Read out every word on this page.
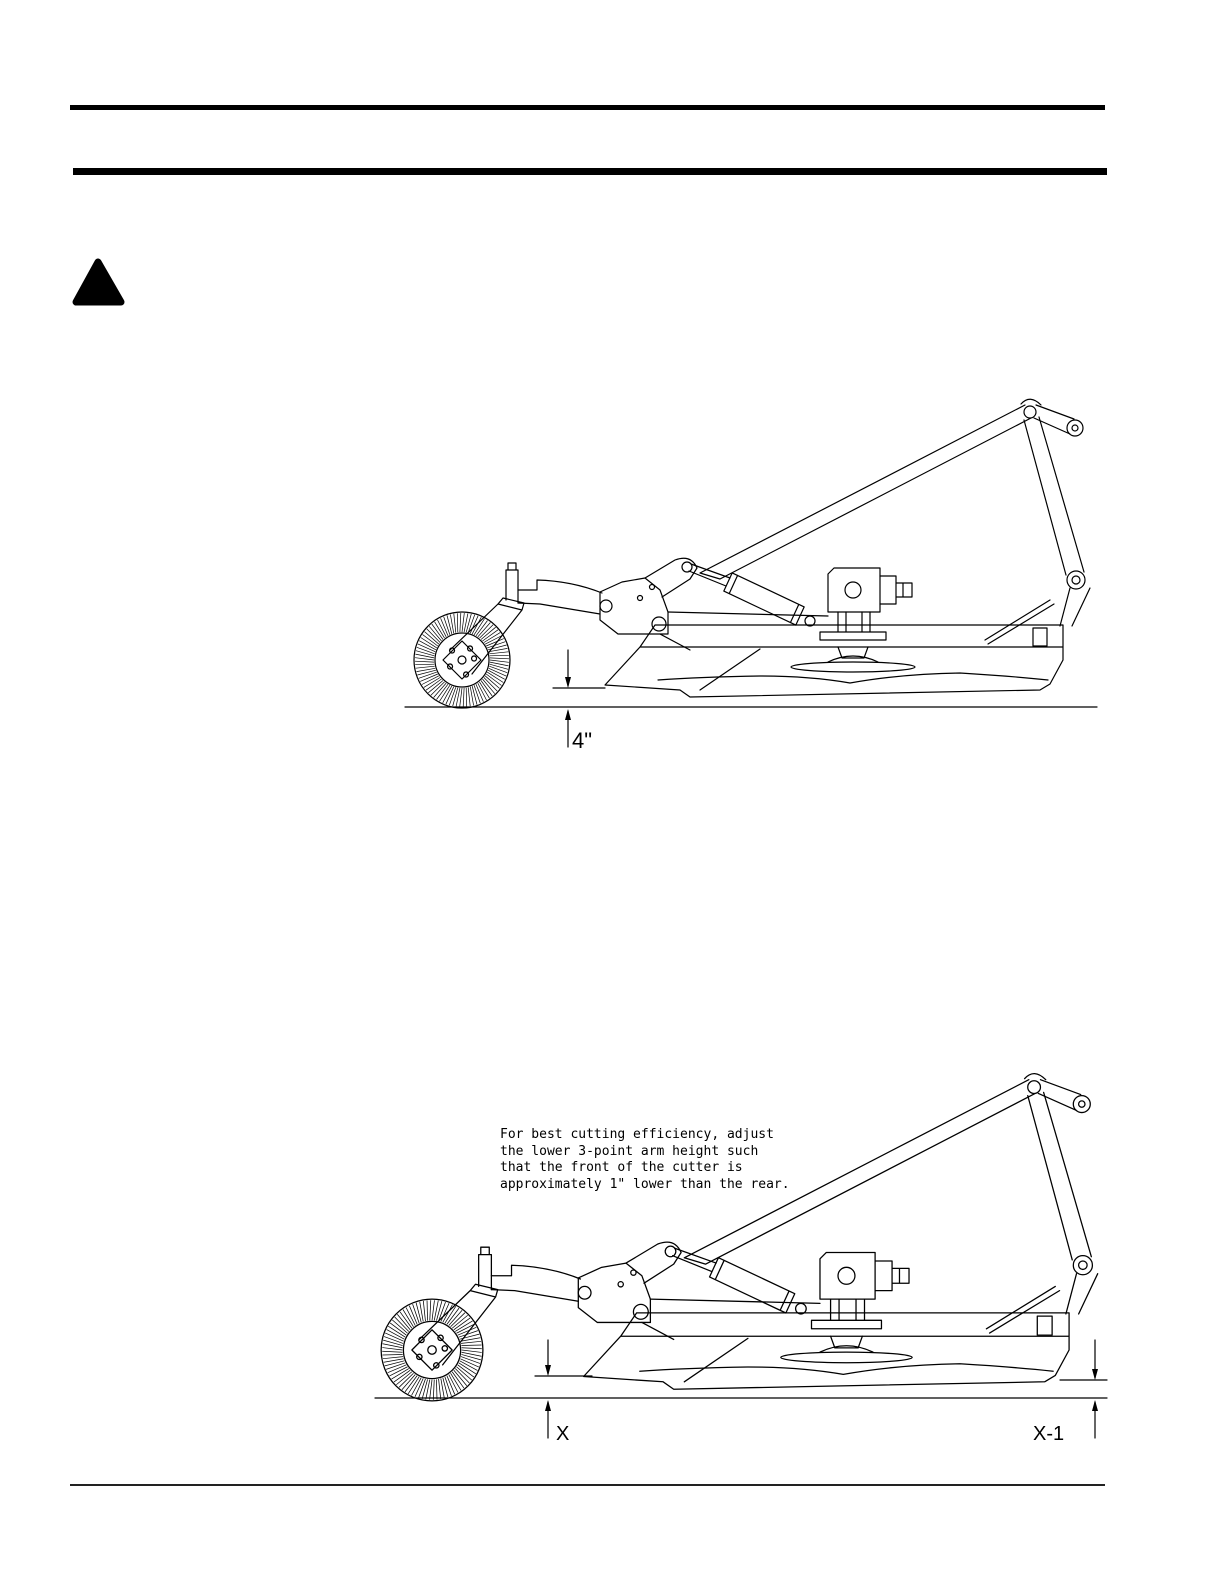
4"
For best cutting efficiency, adjust
the lower 3-point arm height such
that the front of the cutter is
approximately 1" lower than the rear.
X	X-1
